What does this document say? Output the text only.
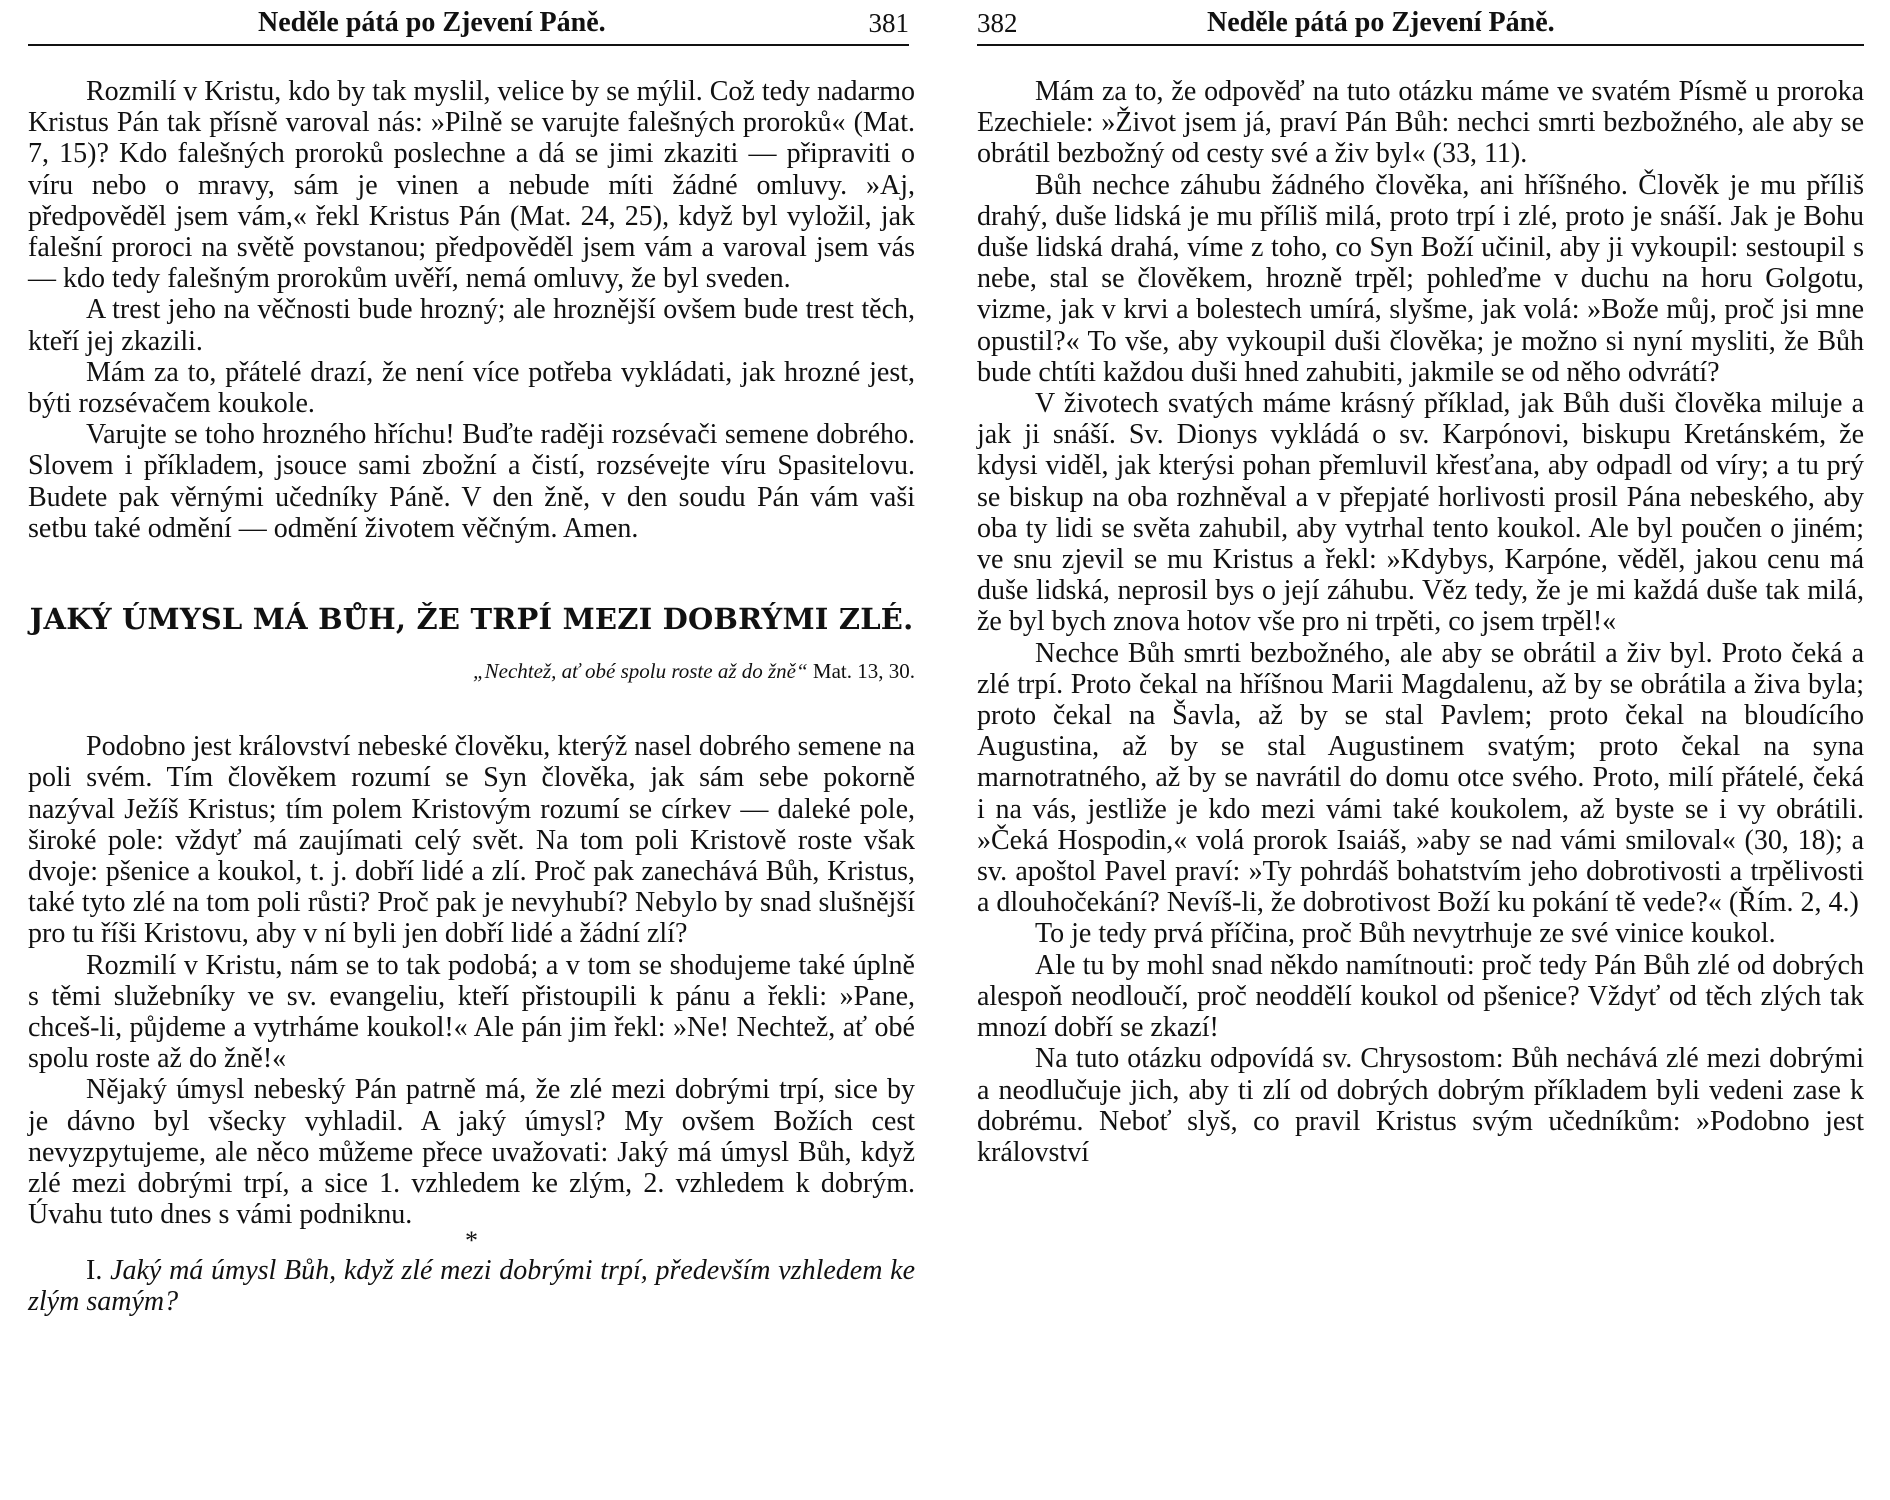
Neděle pátá po Zjevení Páně.	381

Rozmilí v Kristu, kdo by tak myslil, velice by se mýlil. Což tedy nadarmo Kristus Pán tak přísně varoval nás: »Pilně se varujte falešných proroků« (Mat. 7, 15)? Kdo falešných proroků poslechne a dá se jimi zkaziti — připraviti o víru nebo o mravy, sám je vinen a nebude míti žádné omluvy. »Aj, předpověděl jsem vám,« řekl Kristus Pán (Mat. 24, 25), když byl vyložil, jak falešní proroci na světě povstanou; předpověděl jsem vám a varoval jsem vás — kdo tedy falešným prorokům uvěří, nemá omluvy, že byl sveden.

A trest jeho na věčnosti bude hrozný; ale hroznější ovšem bude trest těch, kteří jej zkazili.

Mám za to, přátelé drazí, že není více potřeba vykládati, jak hrozné jest, býti rozsévačem koukole.

Varujte se toho hrozného hříchu! Buďte raději rozsévači semene dobrého. Slovem i příkladem, jsouce sami zbožní a čistí, rozsévejte víru Spasitelovu. Budete pak věrnými učedníky Páně. V den žně, v den soudu Pán vám vaši setbu také odmění — odmění životem věčným. Amen.

JAKÝ ÚMYSL MÁ BŮH, ŽE TRPÍ MEZI DOBRÝMI ZLÉ.

„Nechtež, ať obé spolu roste až do žně“ Mat. 13, 30.

Podobno jest království nebeské člověku, kterýž nasel dobrého semene na poli svém. Tím člověkem rozumí se Syn člověka, jak sám sebe pokorně nazýval Ježíš Kristus; tím polem Kristovým rozumí se církev — daleké pole, široké pole: vždyť má zaujímati celý svět. Na tom poli Kristově roste však dvoje: pšenice a koukol, t. j. dobří lidé a zlí. Proč pak zanechává Bůh, Kristus, také tyto zlé na tom poli růsti? Proč pak je nevyhubí? Nebylo by snad slušnější pro tu říši Kristovu, aby v ní byli jen dobří lidé a žádní zlí?

Rozmilí v Kristu, nám se to tak podobá; a v tom se shodujeme také úplně s těmi služebníky ve sv. evangeliu, kteří přistoupili k pánu a řekli: »Pane, chceš-li, půjdeme a vytrháme koukol!« Ale pán jim řekl: »Ne! Nechtež, ať obé spolu roste až do žně!«

Nějaký úmysl nebeský Pán patrně má, že zlé mezi dobrými trpí, sice by je dávno byl všecky vyhladil. A jaký úmysl? My ovšem Božích cest nevyzpytujeme, ale něco můžeme přece uvažovati: Jaký má úmysl Bůh, když zlé mezi dobrými trpí, a sice 1. vzhledem ke zlým, 2. vzhledem k dobrým. Úvahu tuto dnes s vámi podniknu.

*

I. Jaký má úmysl Bůh, když zlé mezi dobrými trpí, především vzhledem ke zlým samým?

382	Neděle pátá po Zjevení Páně.

Mám za to, že odpověď na tuto otázku máme ve svatém Písmě u proroka Ezechiele: »Život jsem já, praví Pán Bůh: nechci smrti bezbožného, ale aby se obrátil bezbožný od cesty své a živ byl« (33, 11).

Bůh nechce záhubu žádného člověka, ani hříšného. Člověk je mu příliš drahý, duše lidská je mu příliš milá, proto trpí i zlé, proto je snáší. Jak je Bohu duše lidská drahá, víme z toho, co Syn Boží učinil, aby ji vykoupil: sestoupil s nebe, stal se člověkem, hrozně trpěl; pohleďme v duchu na horu Golgotu, vizme, jak v krvi a bolestech umírá, slyšme, jak volá: »Bože můj, proč jsi mne opustil?« To vše, aby vykoupil duši člověka; je možno si nyní mysliti, že Bůh bude chtíti každou duši hned zahubiti, jakmile se od něho odvrátí?

V životech svatých máme krásný příklad, jak Bůh duši člověka miluje a jak ji snáší. Sv. Dionys vykládá o sv. Karpónovi, biskupu Kretánském, že kdysi viděl, jak kterýsi pohan přemluvil křesťana, aby odpadl od víry; a tu prý se biskup na oba rozhněval a v přepjaté horlivosti prosil Pána nebeského, aby oba ty lidi se světa zahubil, aby vytrhal tento koukol. Ale byl poučen o jiném; ve snu zjevil se mu Kristus a řekl: »Kdybys, Karpóne, věděl, jakou cenu má duše lidská, neprosil bys o její záhubu. Věz tedy, že je mi každá duše tak milá, že byl bych znova hotov vše pro ni trpěti, co jsem trpěl!«

Nechce Bůh smrti bezbožného, ale aby se obrátil a živ byl. Proto čeká a zlé trpí. Proto čekal na hříšnou Marii Magdalenu, až by se obrátila a živa byla; proto čekal na Šavla, až by se stal Pavlem; proto čekal na bloudícího Augustina, až by se stal Augustinem svatým; proto čekal na syna marnotratného, až by se navrátil do domu otce svého. Proto, milí přátelé, čeká i na vás, jestliže je kdo mezi vámi také koukolem, až byste se i vy obrátili. »Čeká Hospodin,« volá prorok Isaiáš, »aby se nad vámi smiloval« (30, 18); a sv. apoštol Pavel praví: »Ty pohrdáš bohatstvím jeho dobrotivosti a trpělivosti a dlouhočekání? Nevíš-li, že dobrotivost Boží ku pokání tě vede?« (Řím. 2, 4.)

To je tedy prvá příčina, proč Bůh nevytrhuje ze své vinice koukol.

Ale tu by mohl snad někdo namítnouti: proč tedy Pán Bůh zlé od dobrých alespoň neodloučí, proč neoddělí koukol od pšenice? Vždyť od těch zlých tak mnozí dobří se zkazí!

Na tuto otázku odpovídá sv. Chrysostom: Bůh nechává zlé mezi dobrými a neodlučuje jich, aby ti zlí od dobrých dobrým příkladem byli vedeni zase k dobrému. Neboť slyš, co pravil Kristus svým učedníkům: »Podobno jest království
